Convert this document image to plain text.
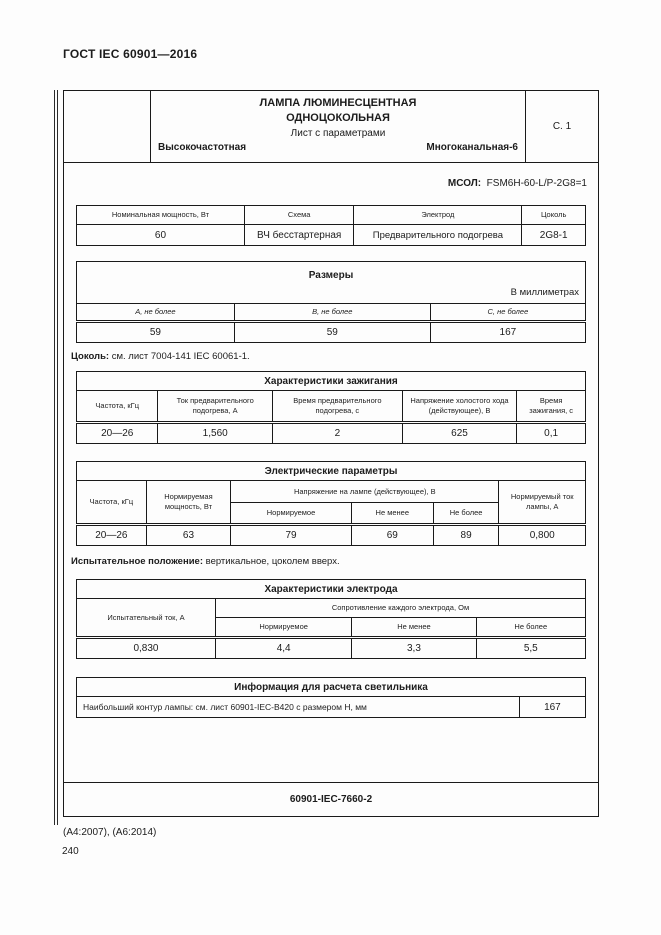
ГОСТ IEC 60901—2016
ЛАМПА ЛЮМИНЕСЦЕНТНАЯ
ОДНОЦОКОЛЬНАЯ
Лист с параметрами
Высокочастотная	Многоканальная-6
С. 1
МСОЛ: FSM6H-60-L/P-2G8=1
Номинальная мощность, Вт	Схема	Электрод	Цоколь
60	ВЧ бесстартерная	Предварительного подогрева	2G8-1
Размеры
В миллиметрах		

A, не более	B, не более	C, не более
59	59	167
Цоколь: см. лист 7004-141 IEC 60061-1.
Характеристики зажигания				
Частота, кГц	Ток предварительного подогрева, А	Время предварительного подогрева, с	Напряжение холостого хода (действующее), В	Время зажигания, с
20—26	1,560	2	625	0,1
Электрические параметры					
Частота, кГц	Нормируемая мощность, Вт	Напряжение на лампе (действующее), В			Нормируемый ток лампы, А
		Нормируемое	Не менее	Не более	
20—26	63	79	69	89	0,800
Испытательное положение: вертикальное, цоколем вверх.
Характеристики электрода			
Испытательный ток, А	Сопротивление каждого электрода, Ом		
	Нормируемое	Не менее	Не более
0,830	4,4	3,3	5,5
Информация для расчета светильника
Наибольший контур лампы: см. лист 60901-IEC-B420 с размером Н, мм	167
60901-IEC-7660-2
(А4:2007), (А6:2014)
240
